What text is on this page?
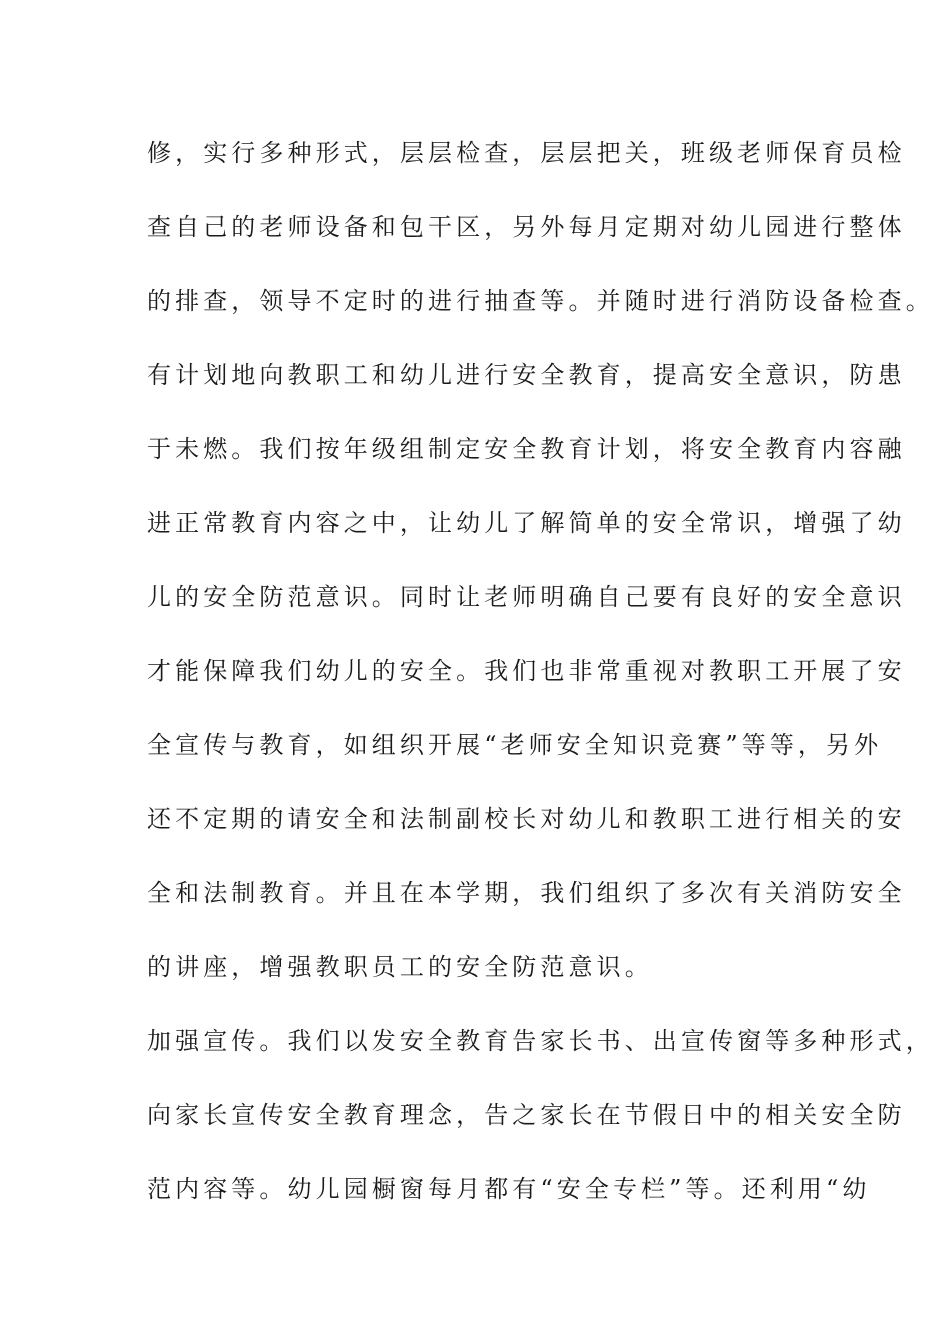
修，实行多种形式，层层检查，层层把关，班级老师保育员检

查自己的老师设备和包干区，另外每月定期对幼儿园进行整体

的排查，领导不定时的进行抽查等。并随时进行消防设备检查。

有计划地向教职工和幼儿进行安全教育，提高安全意识，防患

于未燃。我们按年级组制定安全教育计划，将安全教育内容融

进正常教育内容之中，让幼儿了解简单的安全常识，增强了幼

儿的安全防范意识。同时让老师明确自己要有良好的安全意识

才能保障我们幼儿的安全。我们也非常重视对教职工开展了安

全宣传与教育，如组织开展“老师安全知识竞赛”等等，另外

还不定期的请安全和法制副校长对幼儿和教职工进行相关的安

全和法制教育。并且在本学期，我们组织了多次有关消防安全

的讲座，增强教职员工的安全防范意识。

加强宣传。我们以发安全教育告家长书、出宣传窗等多种形式，

向家长宣传安全教育理念，告之家长在节假日中的相关安全防

范内容等。幼儿园橱窗每月都有“安全专栏”等。还利用“幼
